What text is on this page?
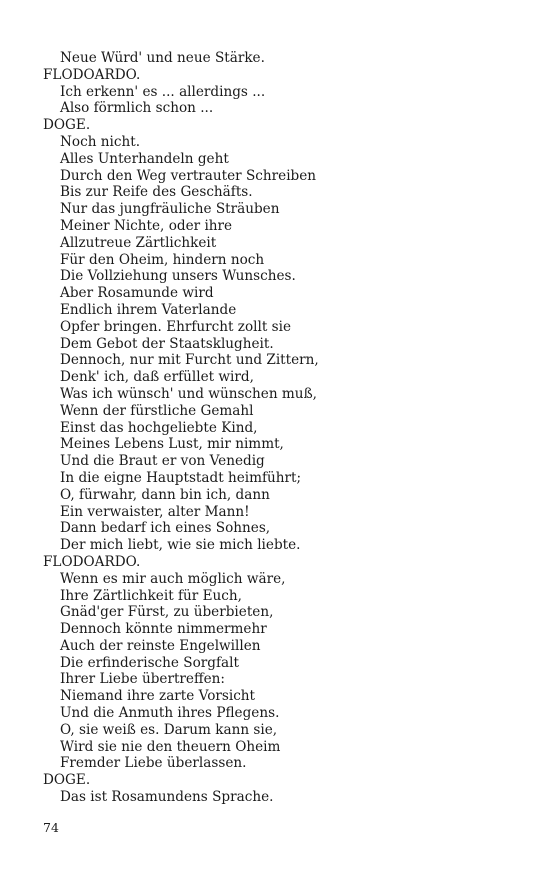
Neue Würd' und neue Stärke.
FLODOARDO.
Ich erkenn' es ... allerdings ...
Also förmlich schon ...
DOGE.
Noch nicht.
Alles Unterhandeln geht
Durch den Weg vertrauter Schreiben
Bis zur Reife des Geschäfts.
Nur das jungfräuliche Sträuben
Meiner Nichte, oder ihre
Allzutreue Zärtlichkeit
Für den Oheim, hindern noch
Die Vollziehung unsers Wunsches.
Aber Rosamunde wird
Endlich ihrem Vaterlande
Opfer bringen. Ehrfurcht zollt sie
Dem Gebot der Staatsklugheit.
Dennoch, nur mit Furcht und Zittern,
Denk' ich, daß erfüllet wird,
Was ich wünsch' und wünschen muß,
Wenn der fürstliche Gemahl
Einst das hochgeliebte Kind,
Meines Lebens Lust, mir nimmt,
Und die Braut er von Venedig
In die eigne Hauptstadt heimführt;
O, fürwahr, dann bin ich, dann
Ein verwaister, alter Mann!
Dann bedarf ich eines Sohnes,
Der mich liebt, wie sie mich liebte.
FLODOARDO.
Wenn es mir auch möglich wäre,
Ihre Zärtlichkeit für Euch,
Gnäd'ger Fürst, zu überbieten,
Dennoch könnte nimmermehr
Auch der reinste Engelwillen
Die erfinderische Sorgfalt
Ihrer Liebe übertreffen:
Niemand ihre zarte Vorsicht
Und die Anmuth ihres Pflegens.
O, sie weiß es. Darum kann sie,
Wird sie nie den theuern Oheim
Fremder Liebe überlassen.
DOGE.
Das ist Rosamundens Sprache.
74
